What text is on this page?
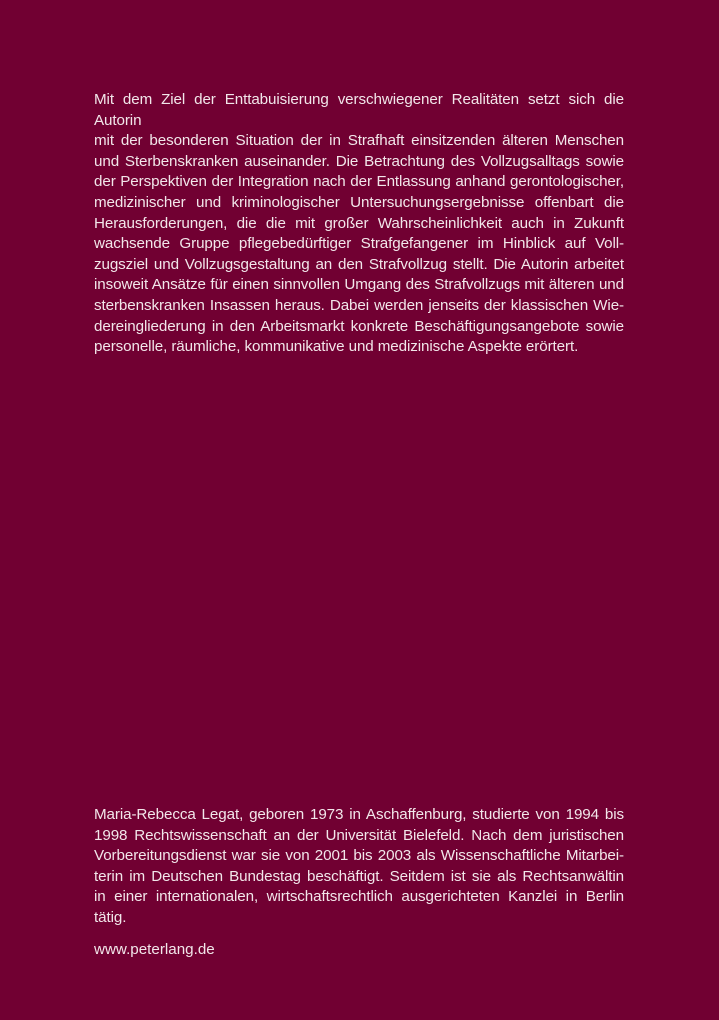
Mit dem Ziel der Enttabuisierung verschwiegener Realitäten setzt sich die Autorin
mit der besonderen Situation der in Strafhaft einsitzenden älteren Menschen
und Sterbenskranken auseinander. Die Betrachtung des Vollzugsalltags sowie
der Perspektiven der Integration nach der Entlassung anhand gerontologischer,
medizinischer und kriminologischer Untersuchungsergebnisse offenbart die
Herausforderungen, die die mit großer Wahrscheinlichkeit auch in Zukunft
wachsende Gruppe pflegebedürftiger Strafgefangener im Hinblick auf Voll-
zugsziel und Vollzugsgestaltung an den Strafvollzug stellt. Die Autorin arbeitet
insoweit Ansätze für einen sinnvollen Umgang des Strafvollzugs mit älteren und
sterbenskranken Insassen heraus. Dabei werden jenseits der klassischen Wie-
dereingliederung in den Arbeitsmarkt konkrete Beschäftigungsangebote sowie
personelle, räumliche, kommunikative und medizinische Aspekte erörtert.
Maria-Rebecca Legat, geboren 1973 in Aschaffenburg, studierte von 1994 bis
1998 Rechtswissenschaft an der Universität Bielefeld. Nach dem juristischen
Vorbereitungsdienst war sie von 2001 bis 2003 als Wissenschaftliche Mitarbei-
terin im Deutschen Bundestag beschäftigt. Seitdem ist sie als Rechtsanwältin
in einer internationalen, wirtschaftsrechtlich ausgerichteten Kanzlei in Berlin
tätig.
www.peterlang.de
